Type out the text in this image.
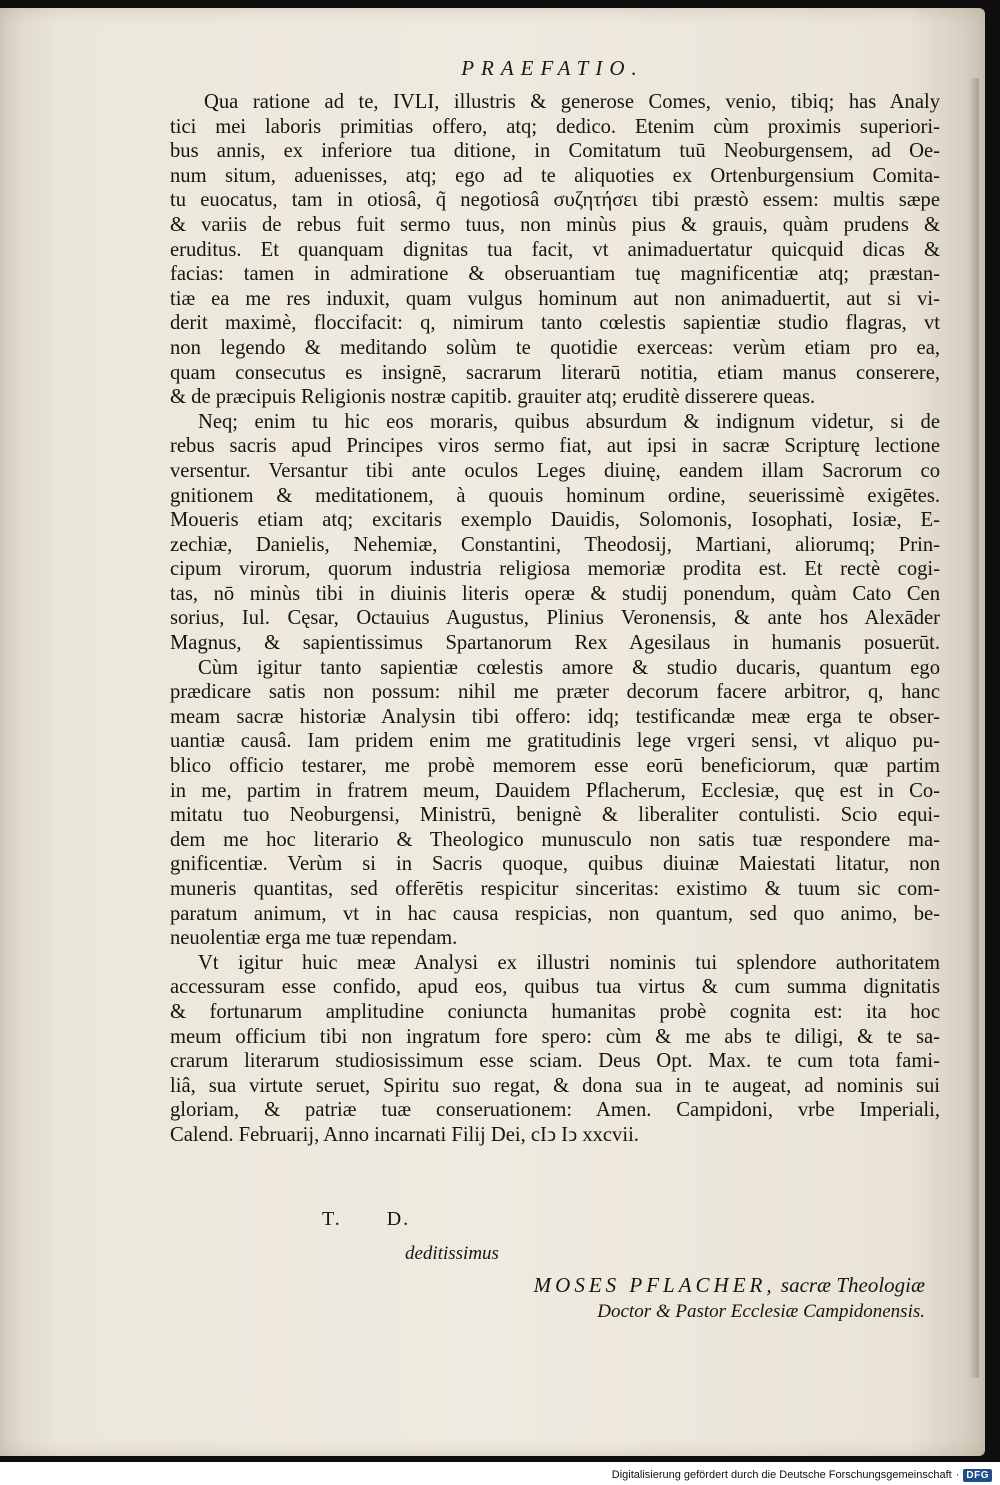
PRAEFATIO.
Qua ratione ad te, IVLI, illustris & generose Comes, venio, tibiq; has Analy
tici mei laboris primitias offero, atq; dedico. Etenim cùm proximis superiori-
bus annis, ex inferiore tua ditione, in Comitatum tuū Neoburgensem, ad Oe-
num situm, aduenisses, atq; ego ad te aliquoties ex Ortenburgensium Comita-
tu euocatus, tam in otiosâ, q̃ negotiosâ συζητήσει tibi præstò essem: multis sæpe
& variis de rebus fuit sermo tuus, non minùs pius & grauis, quàm prudens &
eruditus. Et quanquam dignitas tua facit, vt animaduertatur quicquid dicas &
facias: tamen in admiratione & obseruantiam tuę magnificentiæ atq; præstan-
tiæ ea me res induxit, quam vulgus hominum aut non animaduertit, aut si vi-
derit maximè, floccifacit: q, nimirum tanto cœlestis sapientiæ studio flagras, vt
non legendo & meditando solùm te quotidie exerceas: verùm etiam pro ea,
quam consecutus es insignē, sacrarum literarū notitia, etiam manus conserere,
& de præcipuis Religionis nostræ capitib. grauiter atq; eruditè disserere queas.
Neq; enim tu hic eos moraris, quibus absurdum & indignum videtur, si de
rebus sacris apud Principes viros sermo fiat, aut ipsi in sacræ Scripturę lectione
versentur. Versantur tibi ante oculos Leges diuinę, eandem illam Sacrorum co
gnitionem & meditationem, à quouis hominum ordine, seuerissimè exigētes.
Moueris etiam atq; excitaris exemplo Dauidis, Solomonis, Iosophati, Iosiæ, E-
zechiæ, Danielis, Nehemiæ, Constantini, Theodosij, Martiani, aliorumq; Prin-
cipum virorum, quorum industria religiosa memoriæ prodita est. Et rectè cogi-
tas, nō minùs tibi in diuinis literis operæ & studij ponendum, quàm Cato Cen
sorius, Iul. Cęsar, Octauius Augustus, Plinius Veronensis, & ante hos Alexāder
Magnus, & sapientissimus Spartanorum Rex Agesilaus in humanis posuerūt.
Cùm igitur tanto sapientiæ cœlestis amore & studio ducaris, quantum ego
prædicare satis non possum: nihil me præter decorum facere arbitror, q, hanc
meam sacræ historiæ Analysin tibi offero: idq; testificandæ meæ erga te obser-
uantiæ causâ. Iam pridem enim me gratitudinis lege vrgeri sensi, vt aliquo pu-
blico officio testarer, me probè memorem esse eorū beneficiorum, quæ partim
in me, partim in fratrem meum, Dauidem Pflacherum, Ecclesiæ, quę est in Co-
mitatu tuo Neoburgensi, Ministrū, benignè & liberaliter contulisti. Scio equi-
dem me hoc literario & Theologico munusculo non satis tuæ respondere ma-
gnificentiæ. Verùm si in Sacris quoque, quibus diuinæ Maiestati litatur, non
muneris quantitas, sed offerētis respicitur sinceritas: existimo & tuum sic com-
paratum animum, vt in hac causa respicias, non quantum, sed quo animo, be-
neuolentiæ erga me tuæ rependam.
Vt igitur huic meæ Analysi ex illustri nominis tui splendore authoritatem
accessuram esse confido, apud eos, quibus tua virtus & cum summa dignitatis
& fortunarum amplitudine coniuncta humanitas probè cognita est: ita hoc
meum officium tibi non ingratum fore spero: cùm & me abs te diligi, & te sa-
crarum literarum studiosissimum esse sciam. Deus Opt. Max. te cum tota fami-
liâ, sua virtute seruet, Spiritu suo regat, & dona sua in te augeat, ad nominis sui
gloriam, & patriæ tuæ conseruationem: Amen. Campidoni, vrbe Imperiali,
Calend. Februarij, Anno incarnati Filij Dei, cIↄ Iↄ xxcvii.
T. D.
deditissimus
MOSES PFLACHER, sacræ Theologiæ
Doctor & Pastor Ecclesiæ Campidonensis.
Digitalisierung gefördert durch die Deutsche Forschungsgemeinschaft · DFG
